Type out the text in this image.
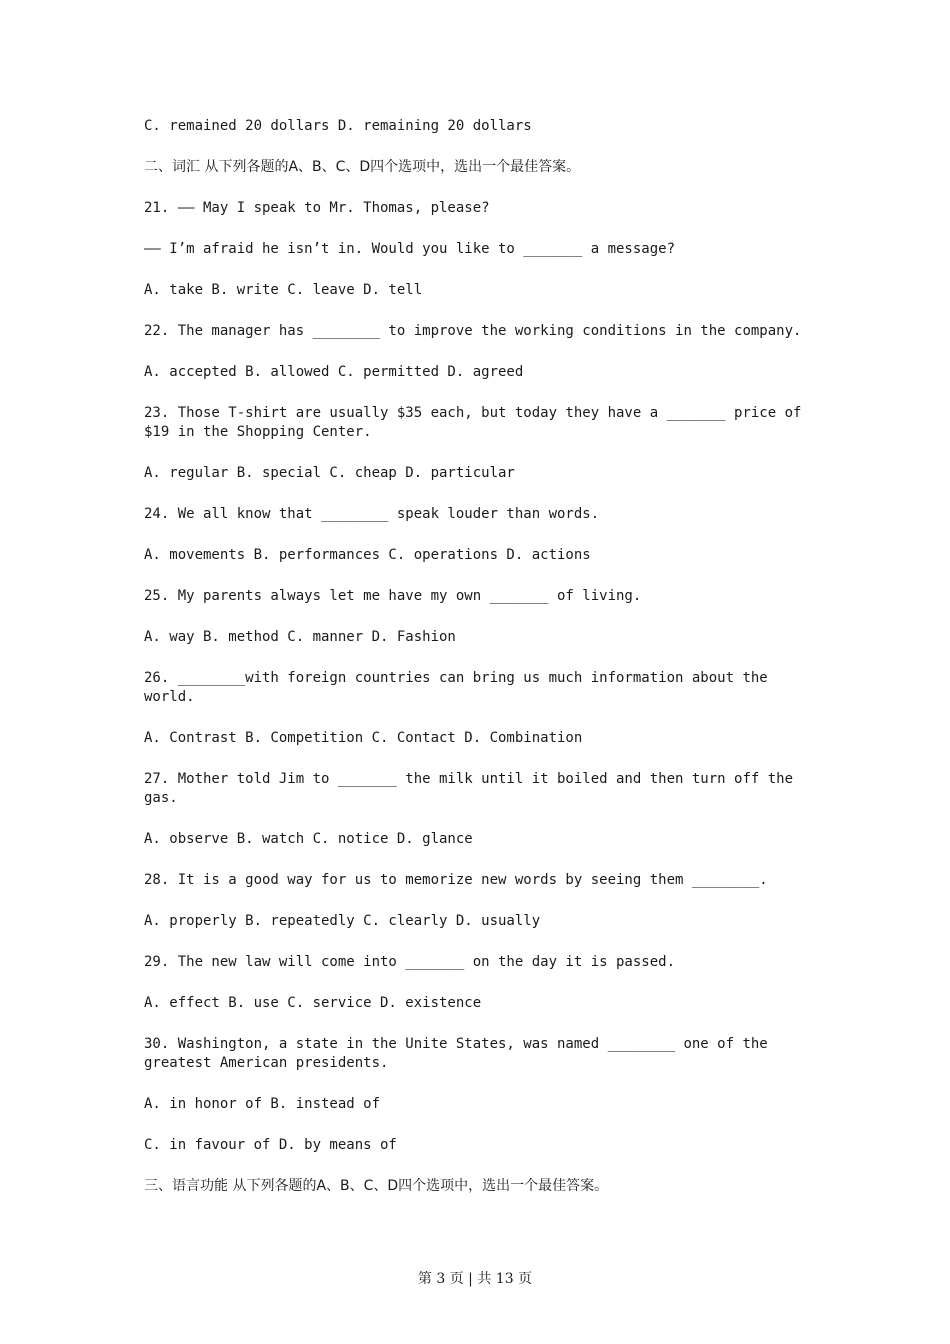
C. remained 20 dollars D. remaining 20 dollars

二、词汇 从下列各题的A、B、C、D四个选项中，选出一个最佳答案。

21. —— May I speak to Mr. Thomas, please?

—— I’m afraid he isn’t in. Would you like to _______ a message?

A. take B. write C. leave D. tell

22. The manager has ________ to improve the working conditions in the company.

A. accepted B. allowed C. permitted D. agreed

23. Those T-shirt are usually $35 each, but today they have a _______ price of $19 in the Shopping Center.

A. regular B. special C. cheap D. particular

24. We all know that ________ speak louder than words.

A. movements B. performances C. operations D. actions

25. My parents always let me have my own _______ of living.

A. way B. method C. manner D. Fashion

26. ________with foreign countries can bring us much information about the world.

A. Contrast B. Competition C. Contact D. Combination

27. Mother told Jim to _______ the milk until it boiled and then turn off the gas.

A. observe B. watch C. notice D. glance

28. It is a good way for us to memorize new words by seeing them ________.

A. properly B. repeatedly C. clearly D. usually

29. The new law will come into _______ on the day it is passed.

A. effect B. use C. service D. existence

30. Washington, a state in the Unite States, was named ________ one of the greatest American presidents.

A. in honor of B. instead of

C. in favour of D. by means of

三、语言功能 从下列各题的A、B、C、D四个选项中，选出一个最佳答案。

第 3 页 | 共 13 页
